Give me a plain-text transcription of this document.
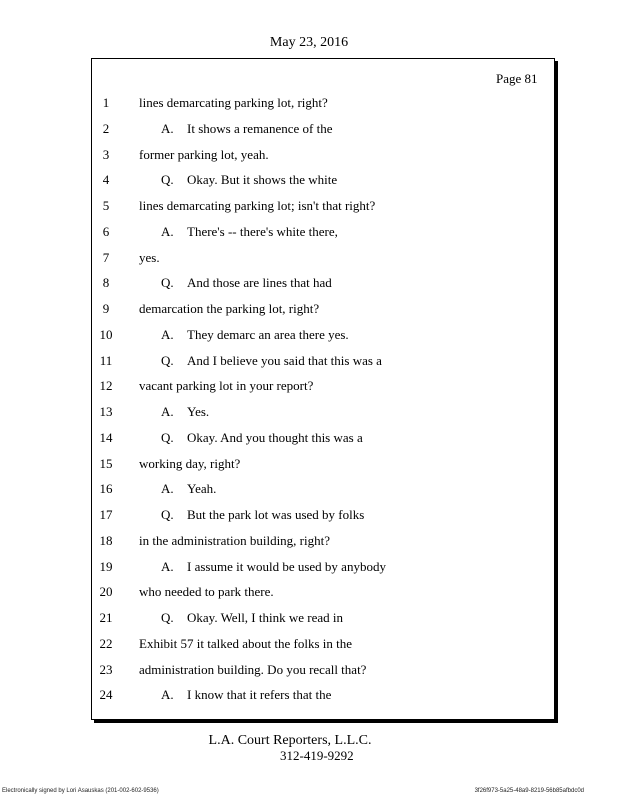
May 23, 2016
Page 81
1	lines demarcating parking lot, right?
2	A. It shows a remanence of the
3	former parking lot, yeah.
4	Q. Okay. But it shows the white
5	lines demarcating parking lot; isn't that right?
6	A. There's -- there's white there,
7	yes.
8	Q. And those are lines that had
9	demarcation the parking lot, right?
10	A. They demarc an area there yes.
11	Q. And I believe you said that this was a
12 vacant parking lot in your report?
13	A. Yes.
14	Q. Okay. And you thought this was a
15 working day, right?
16	A. Yeah.
17	Q. But the park lot was used by folks
18 in the administration building, right?
19	A. I assume it would be used by anybody
20 who needed to park there.
21	Q. Okay. Well, I think we read in
22 Exhibit 57 it talked about the folks in the
23 administration building. Do you recall that?
24	A. I know that it refers that the
L.A. Court Reporters, L.L.C.
312-419-9292
Electronically signed by Lori Asauskas (201-002-602-9536)	3f26f973-5a25-48a9-8219-56b85afbdc0d
